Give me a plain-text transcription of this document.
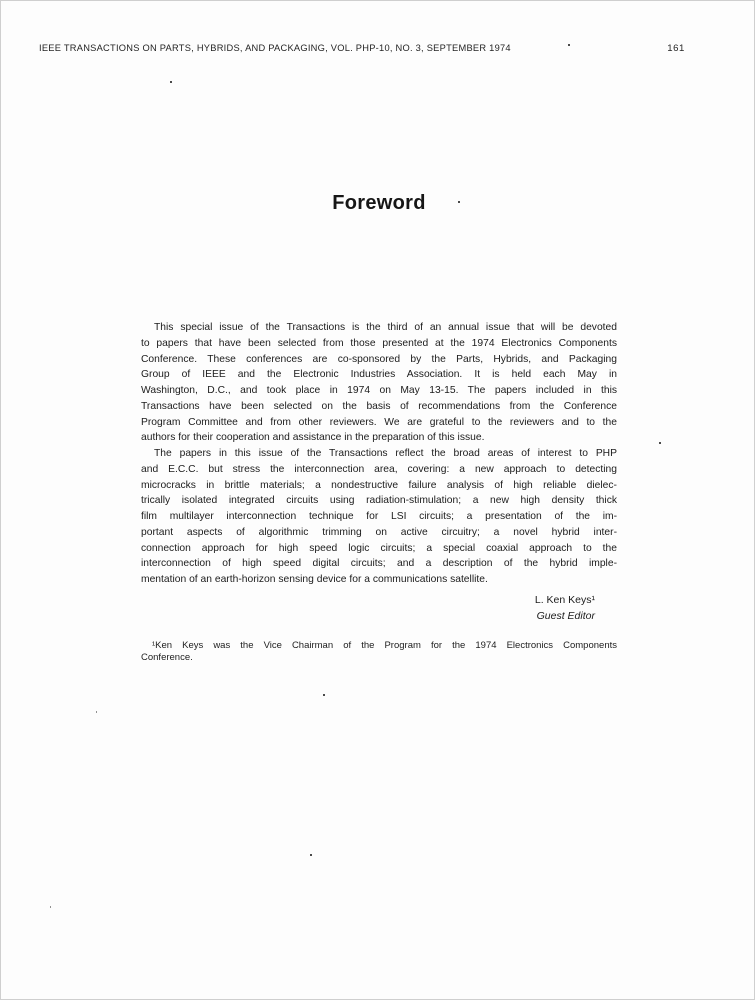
IEEE TRANSACTIONS ON PARTS, HYBRIDS, AND PACKAGING, VOL. PHP-10, NO. 3, SEPTEMBER 1974	161
Foreword
This special issue of the Transactions is the third of an annual issue that will be devoted
to papers that have been selected from those presented at the 1974 Electronics Components
Conference. These conferences are co-sponsored by the Parts, Hybrids, and Packaging
Group of IEEE and the Electronic Industries Association. It is held each May in
Washington, D.C., and took place in 1974 on May 13-15. The papers included in this
Transactions have been selected on the basis of recommendations from the Conference
Program Committee and from other reviewers. We are grateful to the reviewers and to the
authors for their cooperation and assistance in the preparation of this issue.
The papers in this issue of the Transactions reflect the broad areas of interest to PHP
and E.C.C. but stress the interconnection area, covering: a new approach to detecting
microcracks in brittle materials; a nondestructive failure analysis of high reliable dielec-
trically isolated integrated circuits using radiation-stimulation; a new high density thick
film multilayer interconnection technique for LSI circuits; a presentation of the im-
portant aspects of algorithmic trimming on active circuitry; a novel hybrid inter-
connection approach for high speed logic circuits; a special coaxial approach to the
interconnection of high speed digital circuits; and a description of the hybrid imple-
mentation of an earth-horizon sensing device for a communications satellite.
L. Ken Keys¹
Guest Editor
¹Ken Keys was the Vice Chairman of the Program for the 1974 Electronics Components
Conference.
